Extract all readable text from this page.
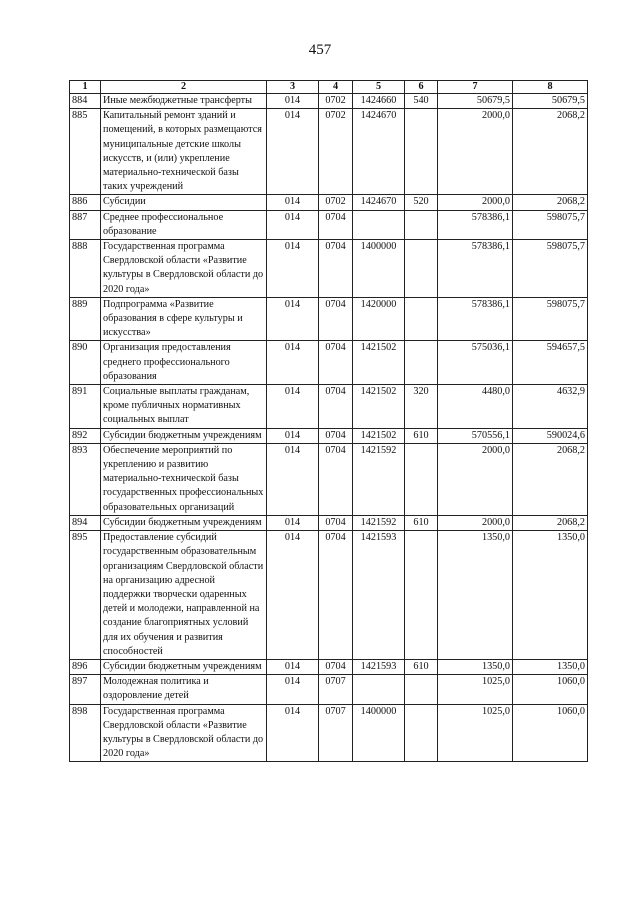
457
1	2	3	4	5	6	7	8
884	Иные межбюджетные трансферты	014	0702	1424660	540	50679,5	50679,5
885	Капитальный ремонт зданий и помещений, в которых размещаются муниципальные детские школы искусств, и (или) укрепление материально-технической базы таких учреждений	014	0702	1424670		2000,0	2068,2
886	Субсидии	014	0702	1424670	520	2000,0	2068,2
887	Среднее профессиональное образование	014	0704			578386,1	598075,7
888	Государственная программа Свердловской области «Развитие культуры в Свердловской области до 2020 года»	014	0704	1400000		578386,1	598075,7
889	Подпрограмма «Развитие образования в сфере культуры и искусства»	014	0704	1420000		578386,1	598075,7
890	Организация предоставления среднего профессионального образования	014	0704	1421502		575036,1	594657,5
891	Социальные выплаты гражданам, кроме публичных нормативных социальных выплат	014	0704	1421502	320	4480,0	4632,9
892	Субсидии бюджетным учреждениям	014	0704	1421502	610	570556,1	590024,6
893	Обеспечение мероприятий по укреплению и развитию материально-технической базы государственных профессиональных образовательных организаций	014	0704	1421592		2000,0	2068,2
894	Субсидии бюджетным учреждениям	014	0704	1421592	610	2000,0	2068,2
895	Предоставление субсидий государственным образовательным организациям Свердловской области на организацию адресной поддержки творчески одаренных детей и молодежи, направленной на создание благоприятных условий для их обучения и развития способностей	014	0704	1421593		1350,0	1350,0
896	Субсидии бюджетным учреждениям	014	0704	1421593	610	1350,0	1350,0
897	Молодежная политика и оздоровление детей	014	0707			1025,0	1060,0
898	Государственная программа Свердловской области «Развитие культуры в Свердловской области до 2020 года»	014	0707	1400000		1025,0	1060,0
